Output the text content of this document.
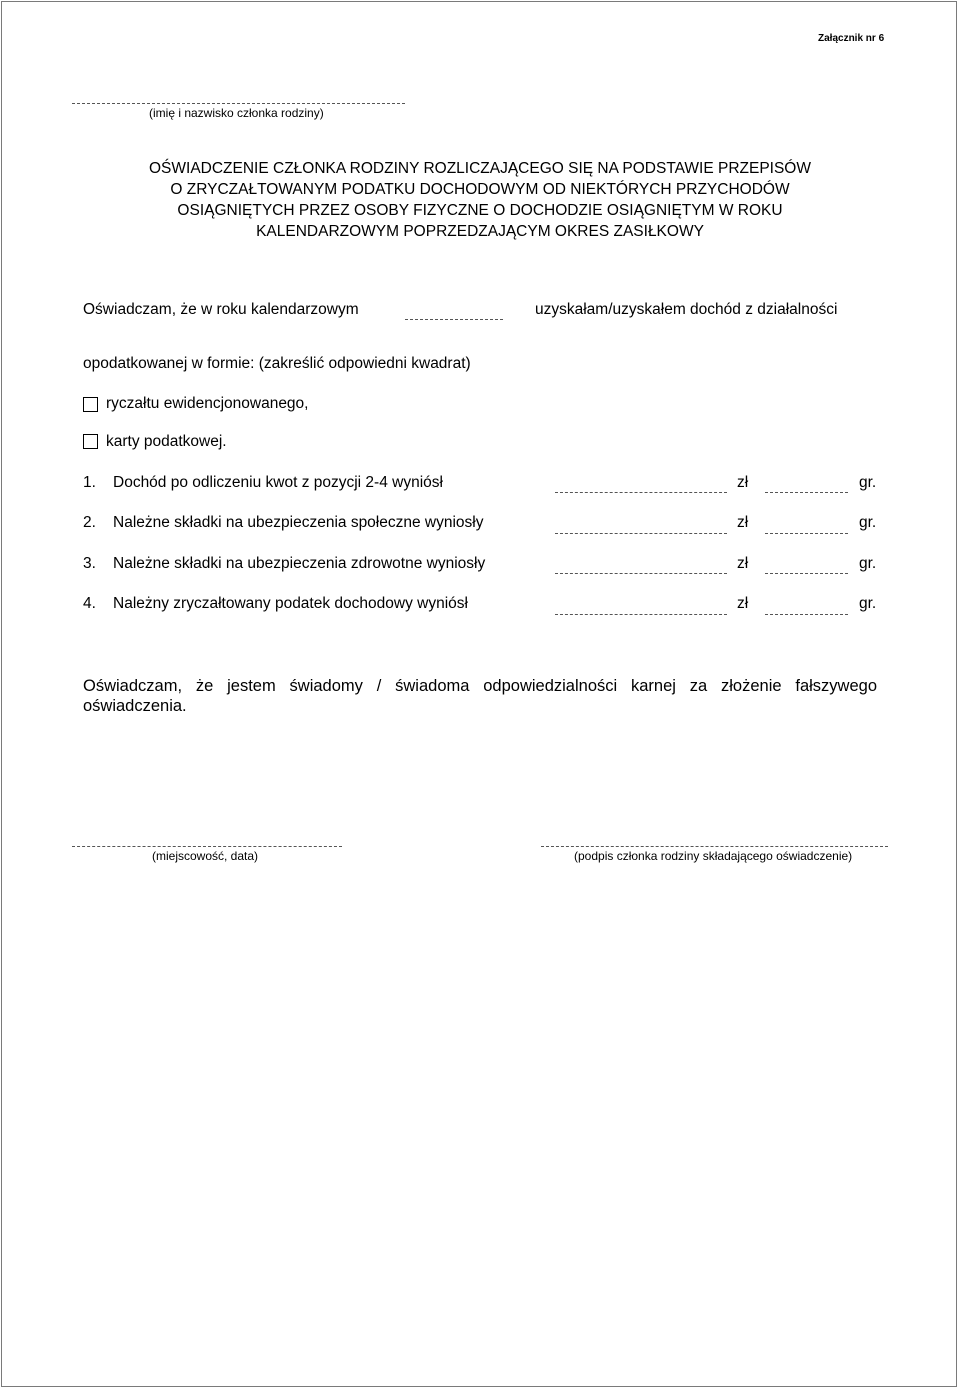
Załącznik nr 6
(imię i nazwisko członka rodziny)
OŚWIADCZENIE CZŁONKA RODZINY ROZLICZAJĄCEGO SIĘ NA PODSTAWIE PRZEPISÓW
O ZRYCZAŁTOWANYM PODATKU DOCHODOWYM OD NIEKTÓRYCH PRZYCHODÓW
OSIĄGNIĘTYCH PRZEZ OSOBY FIZYCZNE O DOCHODZIE OSIĄGNIĘTYM W ROKU
KALENDARZOWYM POPRZEDZAJĄCYM OKRES ZASIŁKOWY
Oświadczam, że w roku kalendarzowym	uzyskałam/uzyskałem dochód z działalności
opodatkowanej w formie: (zakreślić odpowiedni kwadrat)
ryczałtu ewidencjonowanego,
karty podatkowej.
1. Dochód po odliczeniu kwot z pozycji 2-4 wyniósł	zł	gr.
2. Należne składki na ubezpieczenia społeczne wyniosły	zł	gr.
3. Należne składki na ubezpieczenia zdrowotne wyniosły	zł	gr.
4. Należny zryczałtowany podatek dochodowy wyniósł	zł	gr.
Oświadczam, że jestem świadomy / świadoma odpowiedzialności karnej za złożenie fałszywego oświadczenia.
(miejscowość, data)	(podpis członka rodziny składającego oświadczenie)
